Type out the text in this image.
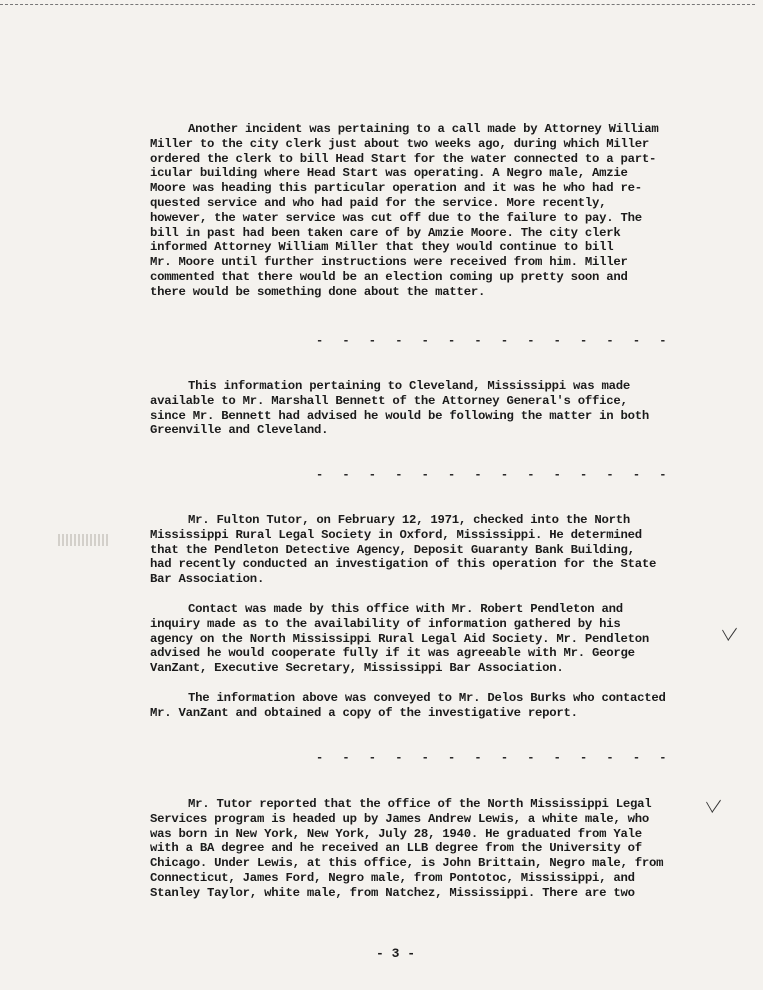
Another incident was pertaining to a call made by Attorney William
Miller to the city clerk just about two weeks ago, during which Miller
ordered the clerk to bill Head Start for the water connected to a part-
icular building where Head Start was operating. A Negro male, Amzie
Moore was heading this particular operation and it was he who had re-
quested service and who had paid for the service. More recently,
however, the water service was cut off due to the failure to pay. The
bill in past had been taken care of by Amzie Moore. The city clerk
informed Attorney William Miller that they would continue to bill
Mr. Moore until further instructions were received from him. Miller
commented that there would be an election coming up pretty soon and
there would be something done about the matter.

- - - - - - - - - - - - - -

This information pertaining to Cleveland, Mississippi was made
available to Mr. Marshall Bennett of the Attorney General's office,
since Mr. Bennett had advised he would be following the matter in both
Greenville and Cleveland.

- - - - - - - - - - - - - -

Mr. Fulton Tutor, on February 12, 1971, checked into the North
Mississippi Rural Legal Society in Oxford, Mississippi. He determined
that the Pendleton Detective Agency, Deposit Guaranty Bank Building,
had recently conducted an investigation of this operation for the State
Bar Association.

Contact was made by this office with Mr. Robert Pendleton and
inquiry made as to the availability of information gathered by his
agency on the North Mississippi Rural Legal Aid Society. Mr. Pendleton
advised he would cooperate fully if it was agreeable with Mr. George
VanZant, Executive Secretary, Mississippi Bar Association.

The information above was conveyed to Mr. Delos Burks who contacted
Mr. VanZant and obtained a copy of the investigative report.

- - - - - - - - - - - - - -

Mr. Tutor reported that the office of the North Mississippi Legal
Services program is headed up by James Andrew Lewis, a white male, who
was born in New York, New York, July 28, 1940. He graduated from Yale
with a BA degree and he received an LLB degree from the University of
Chicago. Under Lewis, at this office, is John Brittain, Negro male, from
Connecticut, James Ford, Negro male, from Pontotoc, Mississippi, and
Stanley Taylor, white male, from Natchez, Mississippi. There are two

- 3 -
